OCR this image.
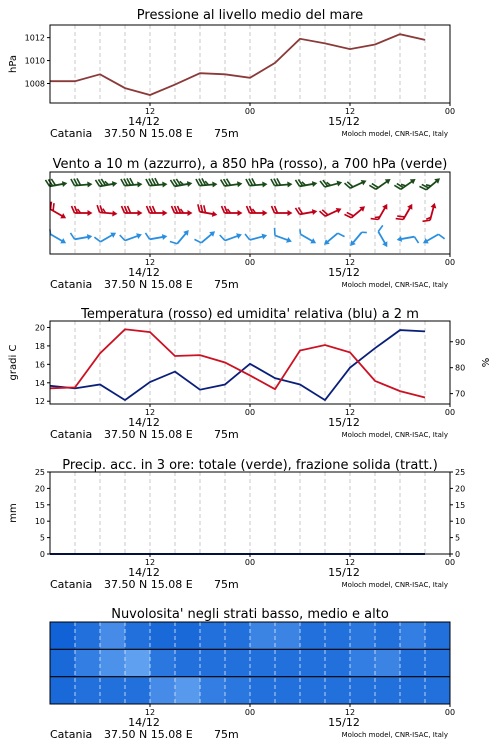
Pressione al livello medio del mare
1008
1010
1012
hPa
12	00	12	00
14/12	15/12
Catania 37.50 N 15.08 E 75m	Moloch model, CNR-ISAC, Italy
Vento a 10 m (azzurro), a 850 hPa (rosso), a 700 hPa (verde)
12	00	12	00
14/12	15/12
Catania 37.50 N 15.08 E 75m	Moloch model, CNR-ISAC, Italy
Temperatura (rosso) ed umidita' relativa (blu) a 2 m
12
14
16
18
20
70
80
90
gradi C	%
12	00	12	00
14/12	15/12
Catania 37.50 N 15.08 E 75m	Moloch model, CNR-ISAC, Italy
Precip. acc. in 3 ore: totale (verde), frazione solida (tratt.)
0	0
5	5
10	10
15	15
20	20
25	25
mm
12	00	12	00
14/12	15/12
Catania 37.50 N 15.08 E 75m	Moloch model, CNR-ISAC, Italy
Nuvolosita' negli strati basso, medio e alto
12	00	12	00
14/12	15/12
Catania 37.50 N 15.08 E 75m	Moloch model, CNR-ISAC, Italy
